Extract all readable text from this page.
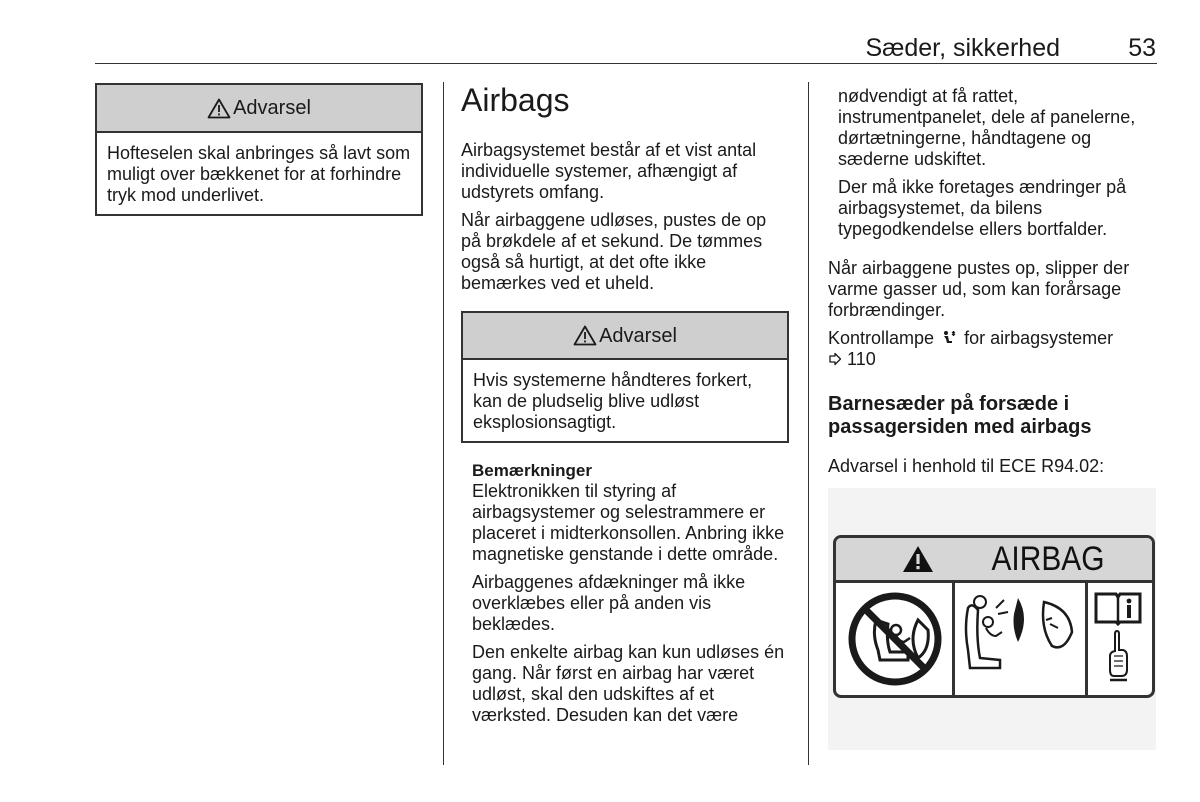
Sæder, sikkerhed	53
Advarsel
Hofteselen skal anbringes så lavt som muligt over bækkenet for at forhindre tryk mod underlivet.
Airbags

Airbagsystemet består af et vist antal individuelle systemer, afhængigt af udstyrets omfang.

Når airbaggene udløses, pustes de op på brøkdele af et sekund. De tømmes også så hurtigt, at det ofte ikke bemærkes ved et uheld.

Advarsel
Hvis systemerne håndteres forkert, kan de pludselig blive udløst eksplosionsagtigt.
Bemærkninger

Elektronikken til styring af airbagsystemer og selestrammere er placeret i midterkonsollen. Anbring ikke magnetiske genstande i dette område.

Airbaggenes afdækninger må ikke overklæbes eller på anden vis beklædes.

Den enkelte airbag kan kun udløses én gang. Når først en airbag har været udløst, skal den udskiftes af et værksted. Desuden kan det være

nødvendigt at få rattet, instrumentpanelet, dele af panelerne, dørtætningerne, håndtagene og sæderne udskiftet.

Der må ikke foretages ændringer på airbagsystemet, da bilens typegodkendelse ellers bortfalder.

Når airbaggene pustes op, slipper der varme gasser ud, som kan forårsage forbrændinger.

Kontrollampe for airbagsystemer
110

Barnesæder på forsæde i passagersiden med airbags
Advarsel i henhold til ECE R94.02:
AIRBAG
